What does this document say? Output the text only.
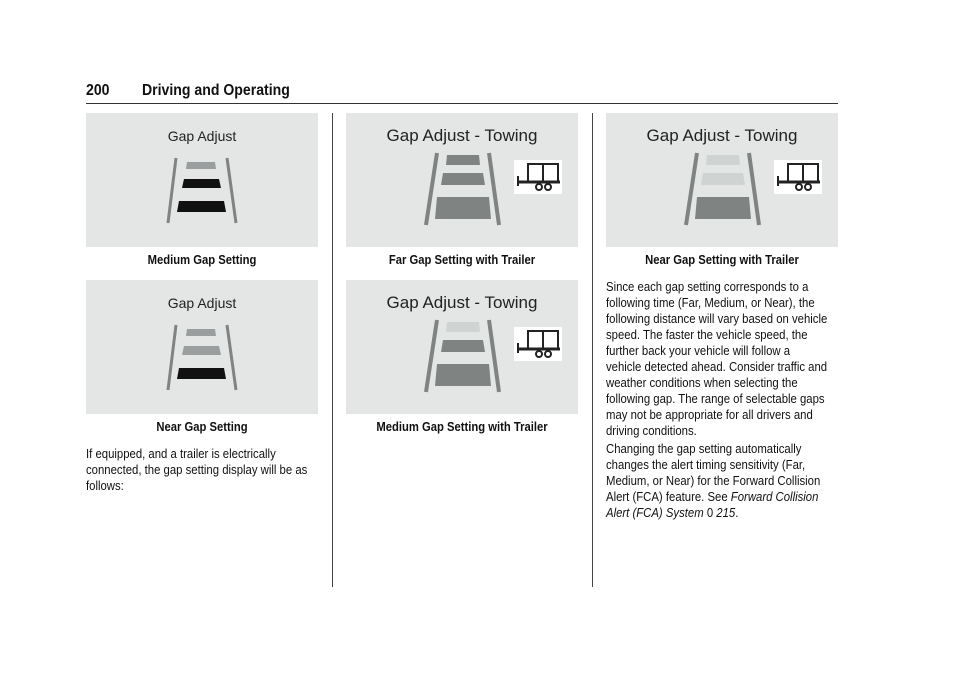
200 Driving and Operating
Gap Adjust
Medium Gap Setting
Gap Adjust
Near Gap Setting
If equipped, and a trailer is electrically
connected, the gap setting display will be as
follows:
Gap Adjust - Towing
Far Gap Setting with Trailer
Gap Adjust - Towing
Medium Gap Setting with Trailer
Gap Adjust - Towing
Near Gap Setting with Trailer
Since each gap setting corresponds to a
following time (Far, Medium, or Near), the
following distance will vary based on vehicle
speed. The faster the vehicle speed, the
further back your vehicle will follow a
vehicle detected ahead. Consider traffic and
weather conditions when selecting the
following gap. The range of selectable gaps
may not be appropriate for all drivers and
driving conditions.
Changing the gap setting automatically
changes the alert timing sensitivity (Far,
Medium, or Near) for the Forward Collision
Alert (FCA) feature. See Forward Collision
Alert (FCA) System 0 215.
